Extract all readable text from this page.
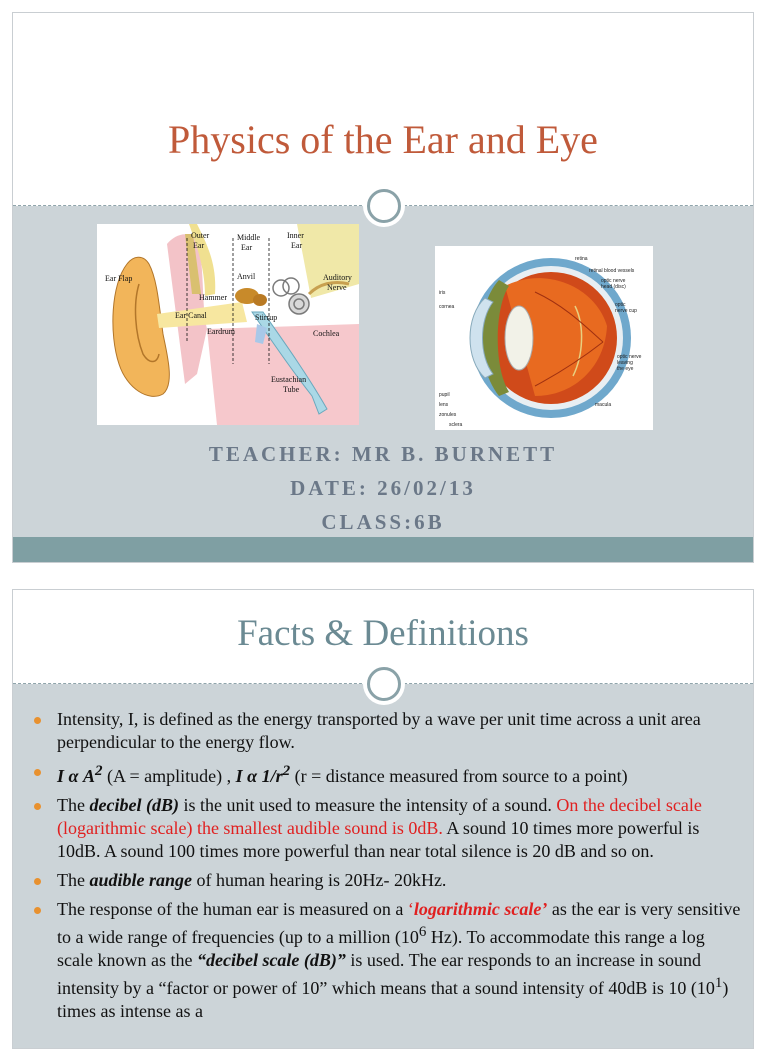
Physics of the Ear and Eye
Outer
Ear
Middle
Ear
Inner
Ear
Ear Flap	Anvil	Auditory
Nerve
Hammer
Ear Canal	Stirrup
Eardrum	Cochlea
Eustachian
Tube
retina
retinal blood vessels
optic nerve
head (disc)
iris
cornea	optic
nerve cup
optic nerve
leaving
the eye
pupil
lens
zonules
macula
sclera
TEACHER: MR B. BURNETT
DATE: 26/02/13
CLASS:6B
Facts & Definitions
Intensity, I, is defined as the energy transported by a wave per unit time across a unit area perpendicular to the energy flow.
I α $A^2$ (A = amplitude) , I α $1/r^2$ (r = distance measured from source to a point)
The decibel (dB) is the unit used to measure the intensity of a sound. On the decibel scale (logarithmic scale) the smallest audible sound is 0dB. A sound 10 times more powerful is 10dB. A sound 100 times more powerful than near total silence is 20 dB and so on.
The audible range of human hearing is 20Hz- 20kHz.
The response of the human ear is measured on a ‘logarithmic scale’ as the ear is very sensitive to a wide range of frequencies (up to a million ($10^6$ Hz). To accommodate this range a log scale known as the “decibel scale (dB)” is used. The ear responds to an increase in sound intensity by a “factor or power of 10” which means that a sound intensity of 40dB is 10 $(10^1)$ times as intense as a
